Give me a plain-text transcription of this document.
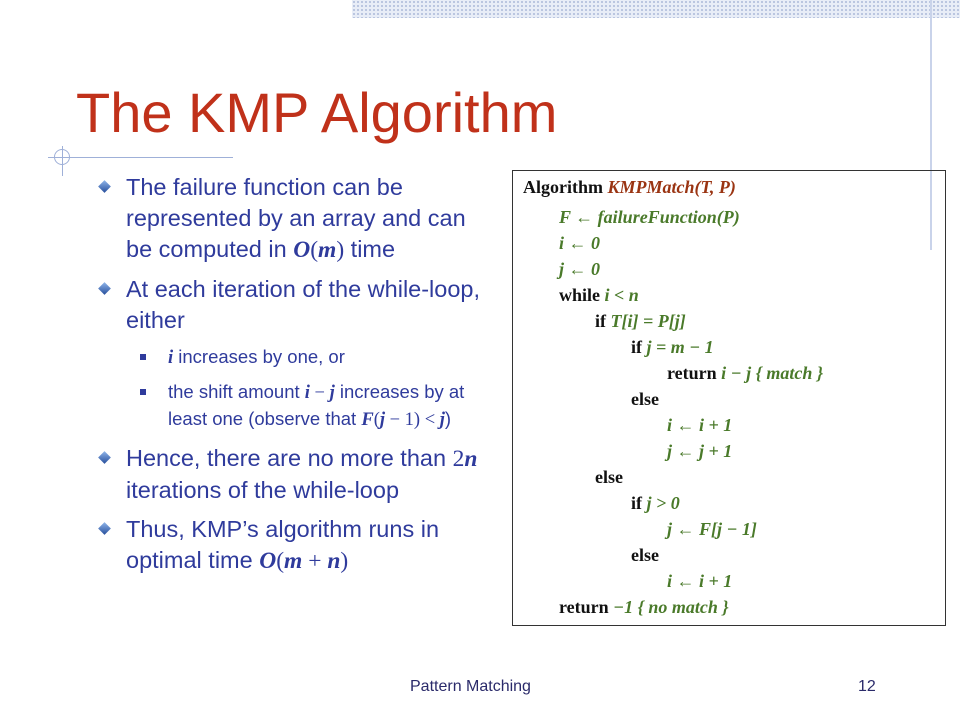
The KMP Algorithm
The failure function can be represented by an array and can be computed in O(m) time
At each iteration of the while-loop, either
i increases by one, or
the shift amount i − j increases by at least one (observe that F(j − 1) < j)
Hence, there are no more than 2n iterations of the while-loop
Thus, KMP’s algorithm runs in optimal time O(m + n)
Algorithm KMPMatch(T, P)
F ← failureFunction(P)
i ← 0
j ← 0
while i < n
if T[i] = P[j]
if j = m − 1
return i − j { match }
else
i ← i + 1
j ← j + 1
else
if j > 0
j ← F[j − 1]
else
i ← i + 1
return −1 { no match }
Pattern Matching	12
